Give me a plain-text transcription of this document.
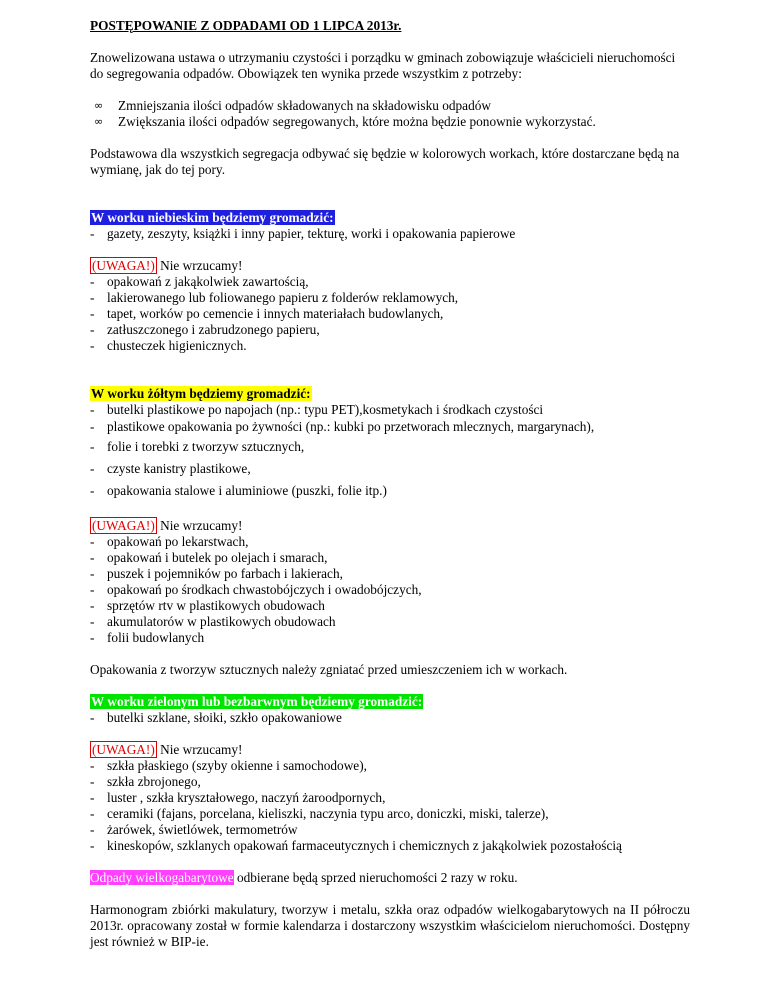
POSTĘPOWANIE Z ODPADAMI OD 1 LIPCA 2013r.

Znowelizowana ustawa o utrzymaniu czystości i porządku w gminach zobowiązuje właścicieli nieruchomości do segregowania odpadów. Obowiązek ten wynika przede wszystkim z potrzeby:

∞ Zmniejszania ilości odpadów składowanych na składowisku odpadów
∞ Zwiększania ilości odpadów segregowanych, które można będzie ponownie wykorzystać.

Podstawowa dla wszystkich segregacja odbywać się będzie w kolorowych workach, które dostarczane będą na wymianę, jak do tej pory.

W worku niebieskim będziemy gromadzić:

- gazety, zeszyty, książki i inny papier, tekturę, worki i opakowania papierowe

(UWAGA!) Nie wrzucamy!

- opakowań z jakąkolwiek zawartością,
- lakierowanego lub foliowanego papieru z folderów reklamowych,
- tapet, worków po cemencie i innych materiałach budowlanych,
- zatłuszczonego i zabrudzonego papieru,
- chusteczek higienicznych.

W worku żółtym będziemy gromadzić:

- butelki plastikowe po napojach (np.: typu PET),kosmetykach i środkach czystości
- plastikowe opakowania po żywności (np.: kubki po przetworach mlecznych, margarynach),
- folie i torebki z tworzyw sztucznych,
- czyste kanistry plastikowe,
- opakowania stalowe i aluminiowe (puszki, folie itp.)

(UWAGA!) Nie wrzucamy!

- opakowań po lekarstwach,
- opakowań i butelek po olejach i smarach,
- puszek i pojemników po farbach i lakierach,
- opakowań po środkach chwastobójczych i owadobójczych,
- sprzętów rtv w plastikowych obudowach
- akumulatorów w plastikowych obudowach
- folii budowlanych

Opakowania z tworzyw sztucznych należy zgniatać przed umieszczeniem ich w workach.

W worku zielonym lub bezbarwnym będziemy gromadzić:

- butelki szklane, słoiki, szkło opakowaniowe

(UWAGA!) Nie wrzucamy!

- szkła płaskiego (szyby okienne i samochodowe),
- szkła zbrojonego,
- luster , szkła kryształowego, naczyń żaroodpornych,
- ceramiki (fajans, porcelana, kieliszki, naczynia typu arco, doniczki, miski, talerze),
- żarówek, świetlówek, termometrów
- kineskopów, szklanych opakowań farmaceutycznych i chemicznych z jakąkolwiek pozostałością

Odpady wielkogabarytowe odbierane będą sprzed nieruchomości 2 razy w roku.

Harmonogram zbiórki makulatury, tworzyw i metalu, szkła oraz odpadów wielkogabarytowych na II półroczu 2013r. opracowany został w formie kalendarza i dostarczony wszystkim właścicielom nieruchomości. Dostępny jest również w BIP-ie.
